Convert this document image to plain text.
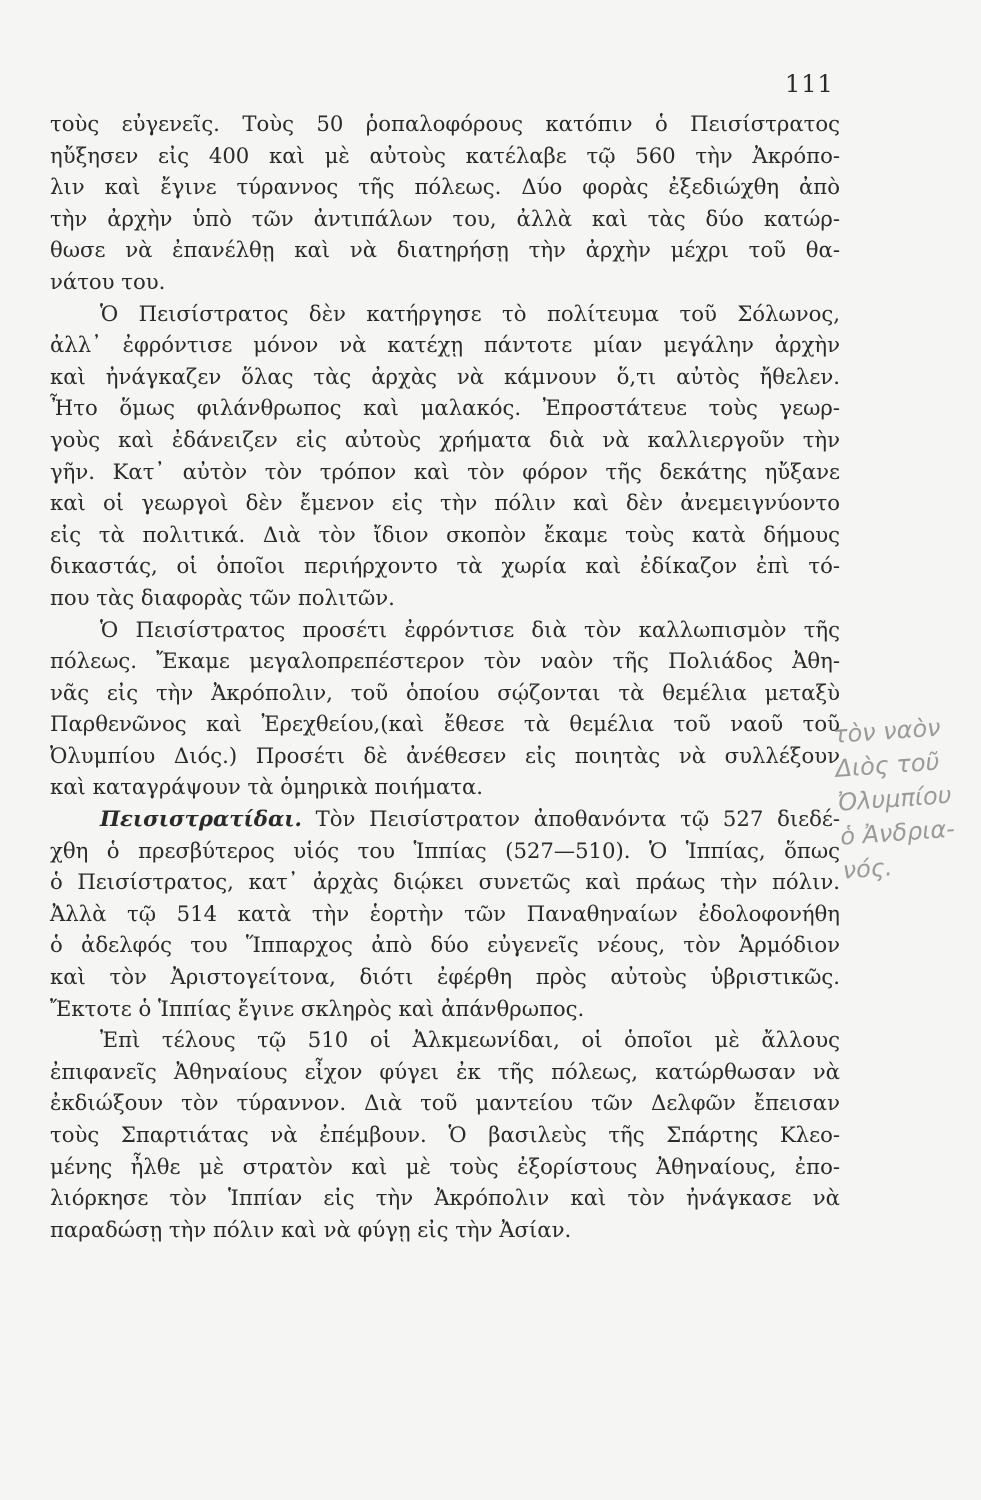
111
τοὺς εὐγενεῖς. Τοὺς 50 ῥοπαλοφόρους κατόπιν ὁ Πεισίστρατος
ηὔξησεν εἰς 400 καὶ μὲ αὐτοὺς κατέλαβε τῷ 560 τὴν Ἀκρόπο-
λιν καὶ ἔγινε τύραννος τῆς πόλεως. Δύο φορὰς ἐξεδιώχθη ἀπὸ
τὴν ἀρχὴν ὑπὸ τῶν ἀντιπάλων του, ἀλλὰ καὶ τὰς δύο κατώρ-
θωσε νὰ ἐπανέλθῃ καὶ νὰ διατηρήσῃ τὴν ἀρχὴν μέχρι τοῦ θα-
νάτου του.
Ὁ Πεισίστρατος δὲν κατήργησε τὸ πολίτευμα τοῦ Σόλωνος,
ἀλλ᾽ ἐφρόντισε μόνον νὰ κατέχῃ πάντοτε μίαν μεγάλην ἀρχὴν
καὶ ἠνάγκαζεν ὅλας τὰς ἀρχὰς νὰ κάμνουν ὅ,τι αὐτὸς ἤθελεν.
Ἦτο ὅμως φιλάνθρωπος καὶ μαλακός. Ἐπροστάτευε τοὺς γεωρ-
γοὺς καὶ ἐδάνειζεν εἰς αὐτοὺς χρήματα διὰ νὰ καλλιεργοῦν τὴν
γῆν. Κατ᾽ αὐτὸν τὸν τρόπον καὶ τὸν φόρον τῆς δεκάτης ηὔξανε
καὶ οἱ γεωργοὶ δὲν ἔμενον εἰς τὴν πόλιν καὶ δὲν ἀνεμειγνύοντο
εἰς τὰ πολιτικά. Διὰ τὸν ἴδιον σκοπὸν ἔκαμε τοὺς κατὰ δήμους
δικαστάς, οἱ ὁποῖοι περιήρχοντο τὰ χωρία καὶ ἐδίκαζον ἐπὶ τό-
που τὰς διαφορὰς τῶν πολιτῶν.
Ὁ Πεισίστρατος προσέτι ἐφρόντισε διὰ τὸν καλλωπισμὸν τῆς
πόλεως. Ἔκαμε μεγαλοπρεπέστερον τὸν ναὸν τῆς Πολιάδος Ἀθη-
νᾶς εἰς τὴν Ἀκρόπολιν, τοῦ ὁποίου σῴζονται τὰ θεμέλια μεταξὺ
Παρθενῶνος καὶ Ἐρεχθείου,(καὶ ἔθεσε τὰ θεμέλια τοῦ ναοῦ τοῦ
Ὀλυμπίου Διός.) Προσέτι δὲ ἀνέθεσεν εἰς ποιητὰς νὰ συλλέξουν
καὶ καταγράψουν τὰ ὁμηρικὰ ποιήματα.
Πεισιστρατίδαι. Τὸν Πεισίστρατον ἀποθανόντα τῷ 527 διεδέ-
χθη ὁ πρεσβύτερος υἱός του Ἱππίας (527—510). Ὁ Ἱππίας, ὅπως
ὁ Πεισίστρατος, κατ᾽ ἀρχὰς διῴκει συνετῶς καὶ πράως τὴν πόλιν.
Ἀλλὰ τῷ 514 κατὰ τὴν ἑορτὴν τῶν Παναθηναίων ἐδολοφονήθη
ὁ ἀδελφός του Ἵππαρχος ἀπὸ δύο εὐγενεῖς νέους, τὸν Ἁρμόδιον
καὶ τὸν Ἀριστογείτονα, διότι ἐφέρθη πρὸς αὐτοὺς ὑβριστικῶς.
Ἔκτοτε ὁ Ἱππίας ἔγινε σκληρὸς καὶ ἀπάνθρωπος.
Ἐπὶ τέλους τῷ 510 οἱ Ἀλκμεωνίδαι, οἱ ὁποῖοι μὲ ἄλλους
ἐπιφανεῖς Ἀθηναίους εἶχον φύγει ἐκ τῆς πόλεως, κατώρθωσαν νὰ
ἐκδιώξουν τὸν τύραννον. Διὰ τοῦ μαντείου τῶν Δελφῶν ἔπεισαν
τοὺς Σπαρτιάτας νὰ ἐπέμβουν. Ὁ βασιλεὺς τῆς Σπάρτης Κλεο-
μένης ἦλθε μὲ στρατὸν καὶ μὲ τοὺς ἐξορίστους Ἀθηναίους, ἐπο-
λιόρκησε τὸν Ἱππίαν εἰς τὴν Ἀκρόπολιν καὶ τὸν ἠνάγκασε νὰ
παραδώσῃ τὴν πόλιν καὶ νὰ φύγῃ εἰς τὴν Ἀσίαν.
τὸν ναὸν
Διὸς τοῦ
Ὀλυμπίου
ὁ Ἀνδρια-
νός.
